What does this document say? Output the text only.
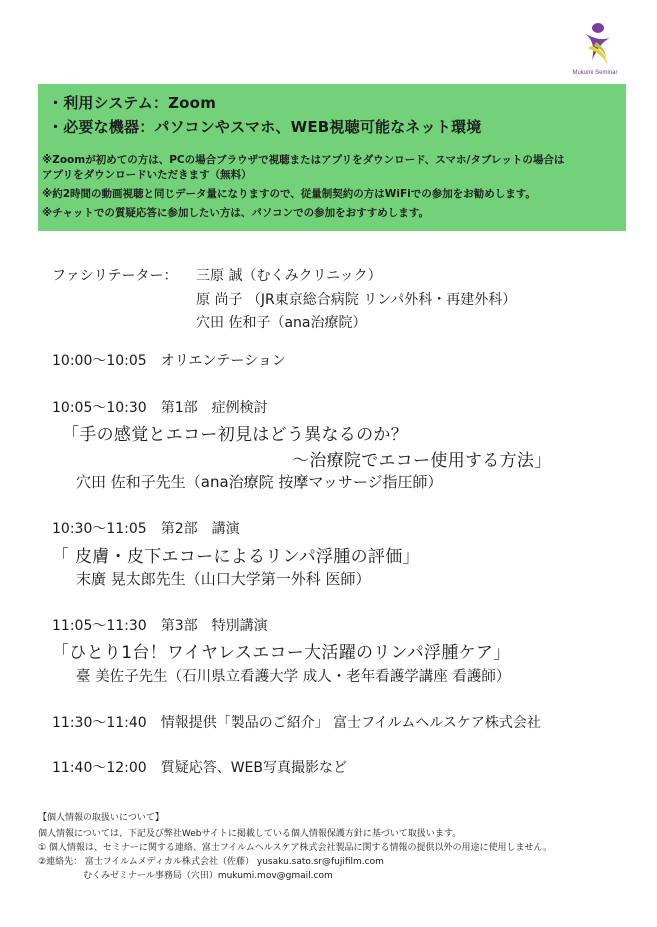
Mukumi Seminar
・利用システム：Zoom
・必要な機器：パソコンやスマホ、WEB視聴可能なネット環境
※Zoomが初めての方は、PCの場合ブラウザで視聴またはアプリをダウンロード、スマホ/タブレットの場合は
アプリをダウンロードいただきます（無料）
※約2時間の動画視聴と同じデータ量になりますので、従量制契約の方はWiFiでの参加をお勧めします。
※チャットでの質疑応答に参加したい方は、パソコンでの参加をおすすめします。
ファシリテーター： 三原 誠（むくみクリニック）
原 尚子 （JR東京総合病院 リンパ外科・再建外科）
穴田 佐和子（ana治療院）
10:00〜10:05　オリエンテーション
10:05〜10:30　第1部　症例検討
「手の感覚とエコー初見はどう異なるのか？
〜治療院でエコー使用する方法」
穴田 佐和子先生（ana治療院 按摩マッサージ指圧師）
10:30〜11:05　第2部　講演
「 皮膚・皮下エコーによるリンパ浮腫の評価」
末廣 晃太郎先生（山口大学第一外科 医師）
11:05〜11:30　第3部　特別講演
「ひとり1台！ワイヤレスエコー大活躍のリンパ浮腫ケア」
臺 美佐子先生（石川県立看護大学 成人・老年看護学講座 看護師）
11:30〜11:40　情報提供「製品のご紹介」 富士フイルムヘルスケア株式会社
11:40〜12:00　質疑応答、WEB写真撮影など
【個人情報の取扱いについて】
個人情報については、下記及び弊社Webサイトに掲載している個人情報保護方針に基づいて取扱います。
① 個人情報は、セミナーに関する連絡、富士フイルムヘルスケア株式会社製品に関する情報の提供以外の用途に使用しません。
②連絡先： 富士フイルムメディカル株式会社（佐藤） yusaku.sato.sr@fujifilm.com
　　　　　むくみゼミナール事務局（穴田）mukumi.mov@gmail.com
